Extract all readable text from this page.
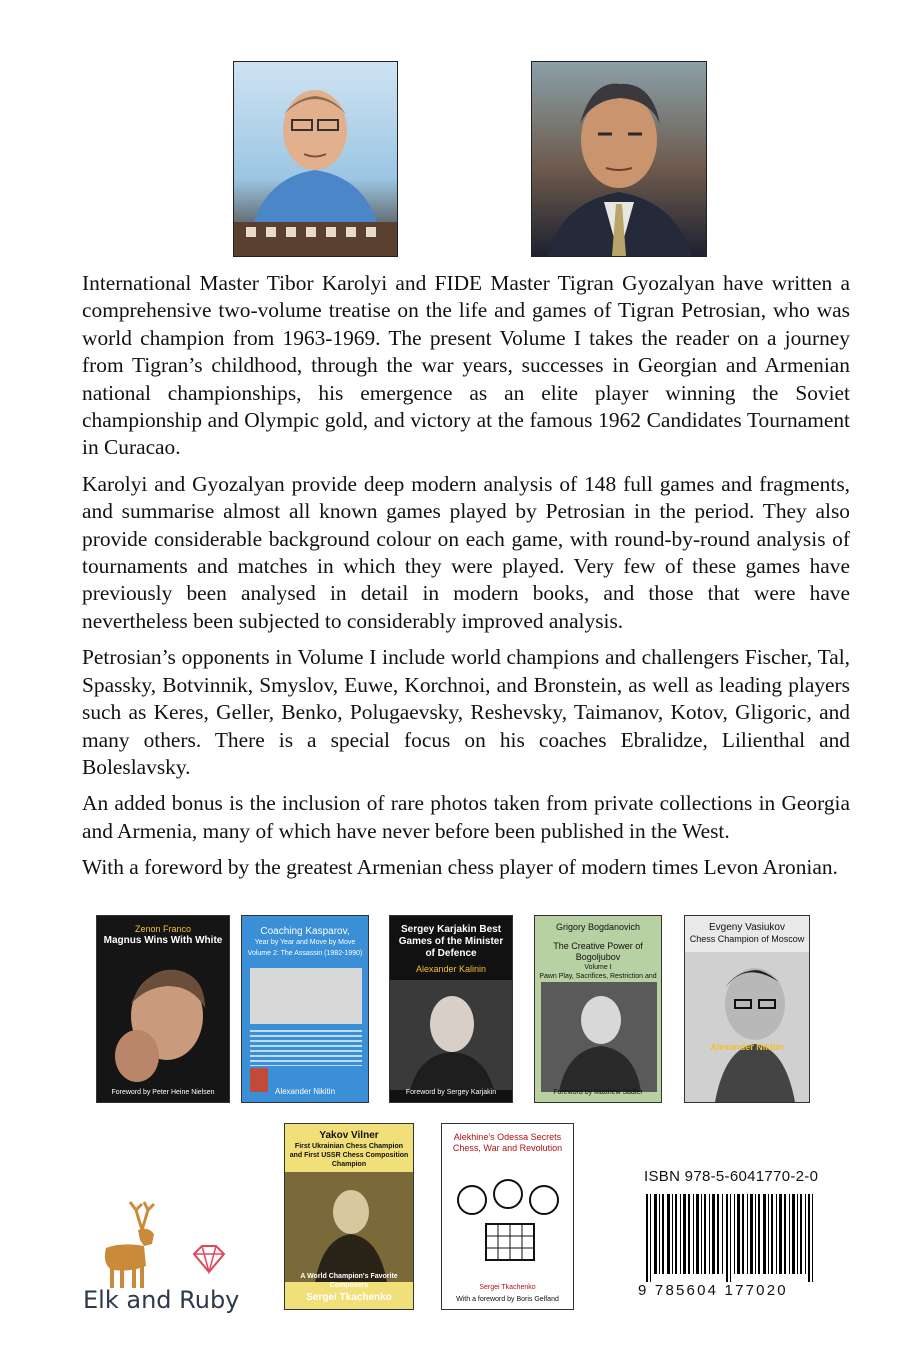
International Master Tibor Karolyi and FIDE Master Tigran Gyozalyan have written a comprehensive two-volume treatise on the life and games of Tigran Petrosian, who was world champion from 1963-1969. The present Volume I takes the reader on a journey from Tigran’s childhood, through the war years, successes in Georgian and Armenian national championships, his emergence as an elite player winning the Soviet championship and Olympic gold, and victory at the famous 1962 Candidates Tournament in Curacao.

Karolyi and Gyozalyan provide deep modern analysis of 148 full games and fragments, and summarise almost all known games played by Petrosian in the period. They also provide considerable background colour on each game, with round-by-round analysis of tournaments and matches in which they were played. Very few of these games have previously been analysed in detail in modern books, and those that were have nevertheless been subjected to considerably improved analysis.

Petrosian’s opponents in Volume I include world champions and challengers Fischer, Tal, Spassky, Botvinnik, Smyslov, Euwe, Korchnoi, and Bronstein, as well as leading players such as Keres, Geller, Benko, Polugaevsky, Reshevsky, Taimanov, Kotov, Gligoric, and many others. There is a special focus on his coaches Ebralidze, Lilienthal and Boleslavsky.

An added bonus is the inclusion of rare photos taken from private collections in Georgia and Armenia, many of which have never before been published in the West.

With a foreword by the greatest Armenian chess player of modern times Levon Aronian.

Zenon Franco
Magnus Wins With White
Foreword by Peter Heine Nielsen
Coaching Kasparov,
Year by Year and Move by Move
Volume 2: The Assassin (1982-1990)
Alexander Nikitin
Sergey Karjakin Best Games of the Minister of Defence
Alexander Kalinin
Foreword by Sergey Karjakin
Grigory Bogdanovich
The Creative Power of Bogoljubov
Volume I
Pawn Play, Sacrifices, Restriction and
Foreword by Matthew Sadler
Evgeny Vasiukov
Chess Champion of Moscow
Alexander Nikitin
Yakov Vilner
First Ukrainian Chess Champion and First USSR Chess Composition Champion
A World Champion's Favorite Composers
Sergei Tkachenko
Alekhine’s Odessa Secrets Chess, War and Revolution
Sergei Tkachenko
With a foreword by Boris Gelfand
ISBN 978-5-6041770-2-0
9 785604 177020
Elk and Ruby
